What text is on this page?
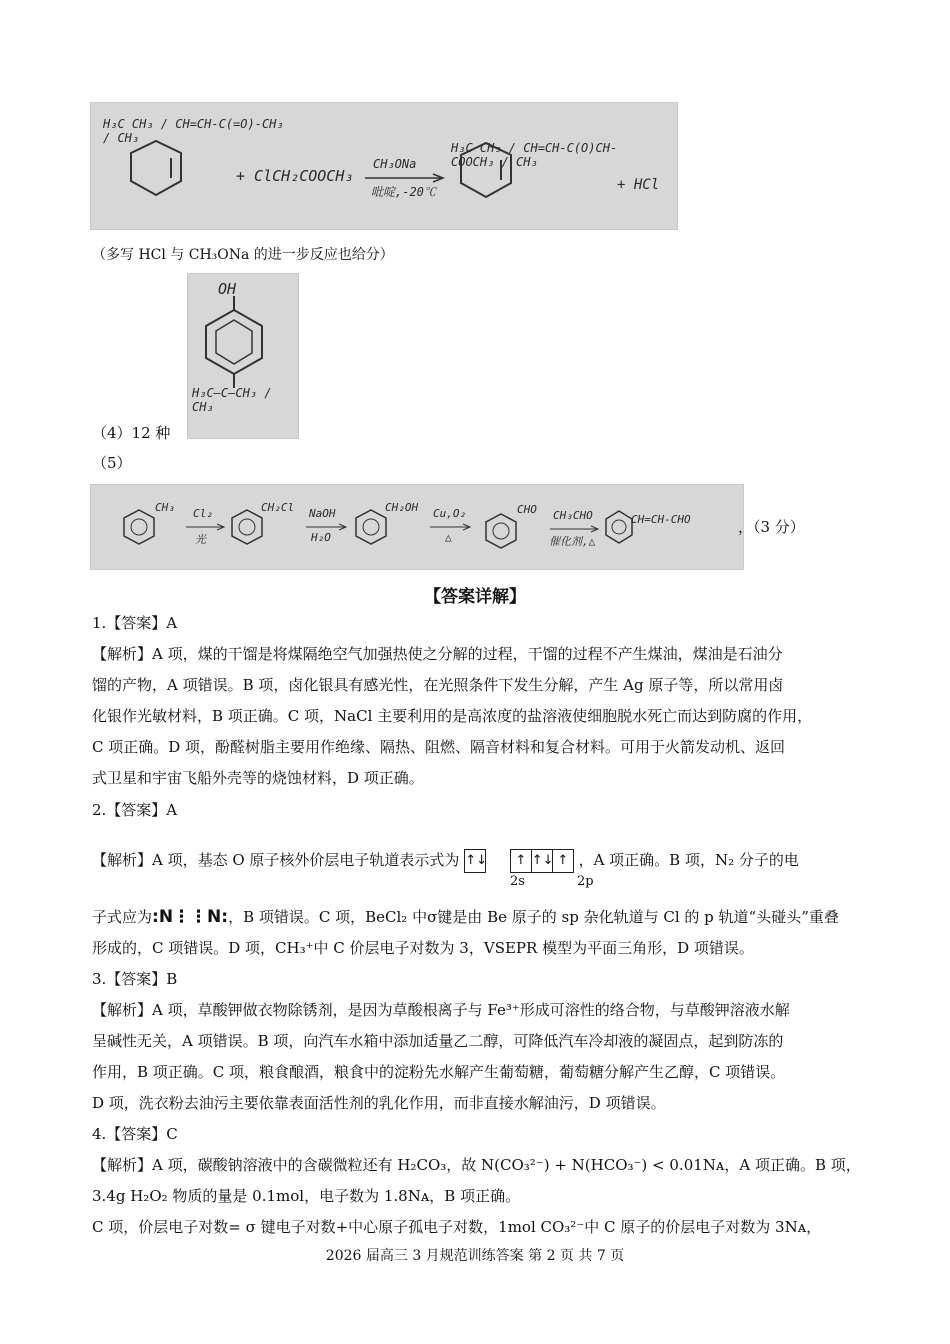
H₃C CH₃ / CH=CH-C(=O)-CH₃ / CH₃
+ ClCH₂COOCH₃
CH₃ONa
吡啶,-20℃
H₃C CH₃ / CH=CH-C(O)CH-COOCH₃ / CH₃
+ HCl
（多写 HCl 与 CH₃ONa 的进一步反应也给分）
OH
H₃C—C—CH₃ / CH₃
（4）12 种
（5）
CH₃ Cl₂
光
CH₂Cl NaOH
H₂O
CH₂OH Cu,O₂
△
CHO CH₃CHO
催化剂,△
CH=CH-CHO	，（3 分）
【答案详解】
1.【答案】A
【解析】A 项，煤的干馏是将煤隔绝空气加强热使之分解的过程，干馏的过程不产生煤油，煤油是石油分
馏的产物，A 项错误。B 项，卤化银具有感光性，在光照条件下发生分解，产生 Ag 原子等，所以常用卤
化银作光敏材料，B 项正确。C 项，NaCl 主要利用的是高浓度的盐溶液使细胞脱水死亡而达到防腐的作用，
C 项正确。D 项，酚醛树脂主要用作绝缘、隔热、阻燃、隔音材料和复合材料。可用于火箭发动机、返回
式卫星和宇宙飞船外壳等的烧蚀材料，D 项正确。
2.【答案】A
【解析】A 项，基态 O 原子核外价层电子轨道表示式为 ↑↓ ↑ ↑↓ ↑ ，A 项正确。B 项，N₂ 分子的电
2s	2p
子式应为:N⋮⋮N:，B 项错误。C 项，BeCl₂ 中σ键是由 Be 原子的 sp 杂化轨道与 Cl 的 p 轨道“头碰头”重叠
形成的，C 项错误。D 项，CH₃⁺中 C 价层电子对数为 3，VSEPR 模型为平面三角形，D 项错误。
3.【答案】B
【解析】A 项，草酸钾做衣物除锈剂，是因为草酸根离子与 Fe³⁺形成可溶性的络合物，与草酸钾溶液水解
呈碱性无关，A 项错误。B 项，向汽车水箱中添加适量乙二醇，可降低汽车冷却液的凝固点，起到防冻的
作用，B 项正确。C 项，粮食酿酒，粮食中的淀粉先水解产生葡萄糖，葡萄糖分解产生乙醇，C 项错误。
D 项，洗衣粉去油污主要依靠表面活性剂的乳化作用，而非直接水解油污，D 项错误。
4.【答案】C
【解析】A 项，碳酸钠溶液中的含碳微粒还有 H₂CO₃，故 N(CO₃²⁻) + N(HCO₃⁻) < 0.01Nᴀ，A 项正确。B 项，
3.4g H₂O₂ 物质的量是 0.1mol，电子数为 1.8Nᴀ，B 项正确。
C 项，价层电子对数= σ 键电子对数+中心原子孤电子对数，1mol CO₃²⁻中 C 原子的价层电子对数为 3Nᴀ，
2026 届高三 3 月规范训练答案 第 2 页 共 7 页
